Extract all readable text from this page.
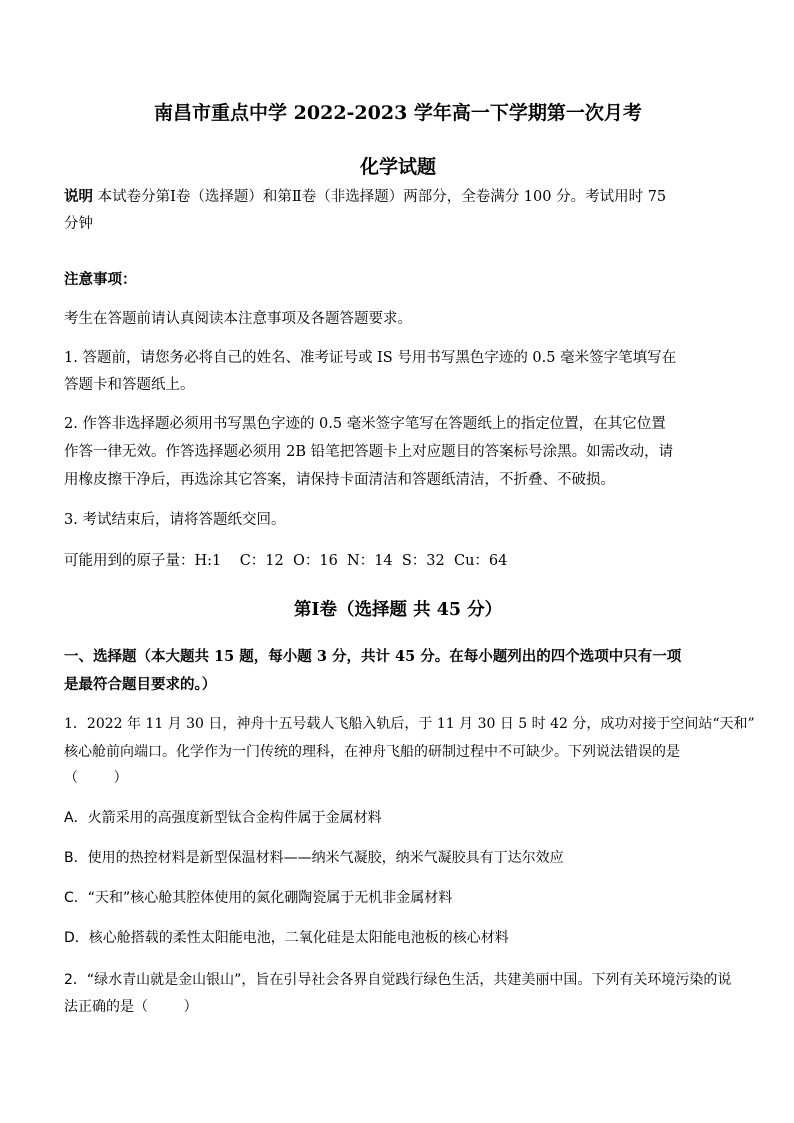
南昌市重点中学 2022-2023 学年高一下学期第一次月考
化学试题
说明 本试卷分第Ⅰ卷（选择题）和第Ⅱ卷（非选择题）两部分，全卷满分 100 分。考试用时 75
分钟
注意事项：
考生在答题前请认真阅读本注意事项及各题答题要求。
1. 答题前，请您务必将自己的姓名、准考证号或 IS 号用书写黑色字迹的 0.5 毫米签字笔填写在
答题卡和答题纸上。
2. 作答非选择题必须用书写黑色字迹的 0.5 毫米签字笔写在答题纸上的指定位置，在其它位置
作答一律无效。作答选择题必须用 2B 铅笔把答题卡上对应题目的答案标号涂黑。如需改动，请
用橡皮擦干净后，再选涂其它答案，请保持卡面清洁和答题纸清洁，不折叠、不破损。
3. 考试结束后，请将答题纸交回。
可能用到的原子量：H:1    C：12  O：16  N：14  S：32  Cu：64
第Ⅰ卷（选择题 共 45 分）
一、选择题（本大题共 15 题，每小题 3 分，共计 45 分。在每小题列出的四个选项中只有一项
是最符合题目要求的。）
1．2022 年 11 月 30 日，神舟十五号载人飞船入轨后，于 11 月 30 日 5 时 42 分，成功对接于空间站“天和”
核心舱前向端口。化学作为一门传统的理科，在神舟飞船的研制过程中不可缺少。下列说法错误的是
（        ）
A．火箭采用的高强度新型钛合金构件属于金属材料
B．使用的热控材料是新型保温材料——纳米气凝胶，纳米气凝胶具有丁达尔效应
C．“天和”核心舱其腔体使用的氮化硼陶瓷属于无机非金属材料
D．核心舱搭载的柔性太阳能电池，二氧化硅是太阳能电池板的核心材料
2．“绿水青山就是金山银山”，旨在引导社会各界自觉践行绿色生活，共建美丽中国。下列有关环境污染的说
法正确的是（        ）
